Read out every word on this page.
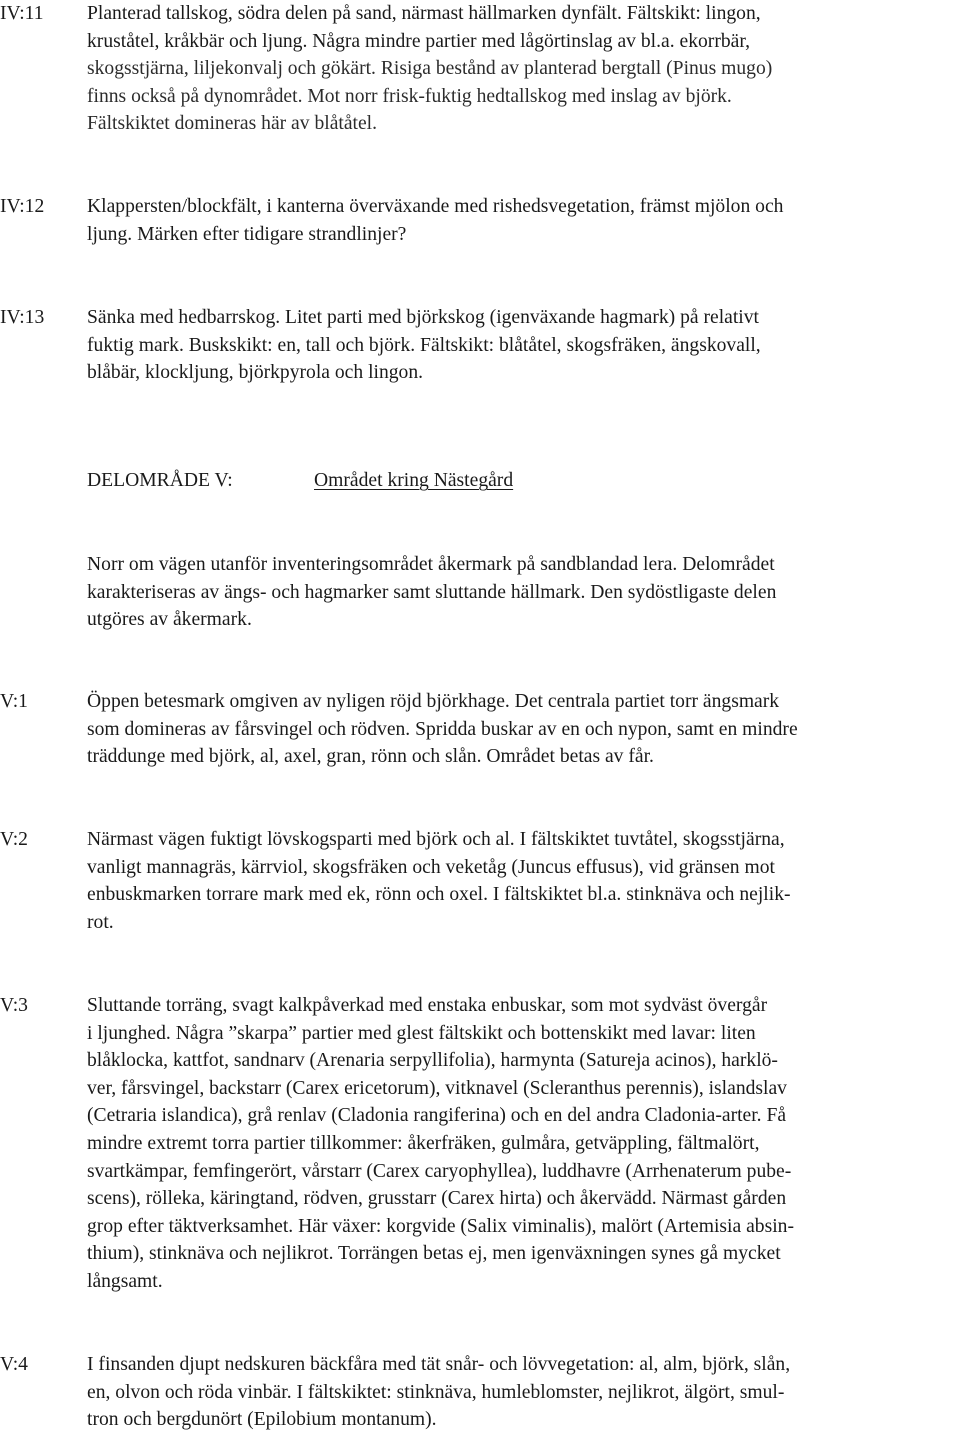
IV:11	Planterad tallskog, södra delen på sand, närmast hällmarken dynfält. Fältskikt: lingon,
kruståtel, kråkbär och ljung. Några mindre partier med lågörtinslag av bl.a. ekorrbär,
skogsstjärna, liljekonvalj och gökärt. Risiga bestånd av planterad bergtall (Pinus mugo)
finns också på dynområdet. Mot norr frisk-fuktig hedtallskog med inslag av björk.
Fältskiktet domineras här av blåtåtel.
IV:12	Klappersten/blockfält, i kanterna överväxande med rishedsvegetation, främst mjölon och
ljung. Märken efter tidigare strandlinjer?
IV:13	Sänka med hedbarrskog. Litet parti med björkskog (igenväxande hagmark) på relativt
fuktig mark. Buskskikt: en, tall och björk. Fältskikt: blåtåtel, skogsfräken, ängskovall,
blåbär, klockljung, björkpyrola och lingon.
DELOMRÅDE V:	Området kring Nästegård
Norr om vägen utanför inventeringsområdet åkermark på sandblandad lera. Delområdet
karakteriseras av ängs- och hagmarker samt sluttande hällmark. Den sydöstligaste delen
utgöres av åkermark.
V:1	Öppen betesmark omgiven av nyligen röjd björkhage. Det centrala partiet torr ängsmark
som domineras av fårsvingel och rödven. Spridda buskar av en och nypon, samt en mindre
träddunge med björk, al, axel, gran, rönn och slån. Området betas av får.
V:2	Närmast vägen fuktigt lövskogsparti med björk och al. I fältskiktet tuvtåtel, skogsstjärna,
vanligt mannagräs, kärrviol, skogsfräken och veketåg (Juncus effusus), vid gränsen mot
enbuskmarken torrare mark med ek, rönn och oxel. I fältskiktet bl.a. stinknäva och nejlik-
rot.
V:3	Sluttande torräng, svagt kalkpåverkad med enstaka enbuskar, som mot sydväst övergår
i ljunghed. Några ”skarpa” partier med glest fältskikt och bottenskikt med lavar: liten
blåklocka, kattfot, sandnarv (Arenaria serpyllifolia), harmynta (Satureja acinos), harklö-
ver, fårsvingel, backstarr (Carex ericetorum), vitknavel (Scleranthus perennis), islandslav
(Cetraria islandica), grå renlav (Cladonia rangiferina) och en del andra Cladonia-arter. Få
mindre extremt torra partier tillkommer: åkerfräken, gulmåra, getväppling, fältmalört,
svartkämpar, femfingerört, vårstarr (Carex caryophyllea), luddhavre (Arrhenaterum pube-
scens), rölleka, käringtand, rödven, grusstarr (Carex hirta) och åkervädd. Närmast gården
grop efter täktverksamhet. Här växer: korgvide (Salix viminalis), malört (Artemisia absin-
thium), stinknäva och nejlikrot. Torrängen betas ej, men igenväxningen synes gå mycket
långsamt.
V:4	I finsanden djupt nedskuren bäckfåra med tät snår- och lövvegetation: al, alm, björk, slån,
en, olvon och röda vinbär. I fältskiktet: stinknäva, humleblomster, nejlikrot, älgört, smul-
tron och bergdunört (Epilobium montanum).
